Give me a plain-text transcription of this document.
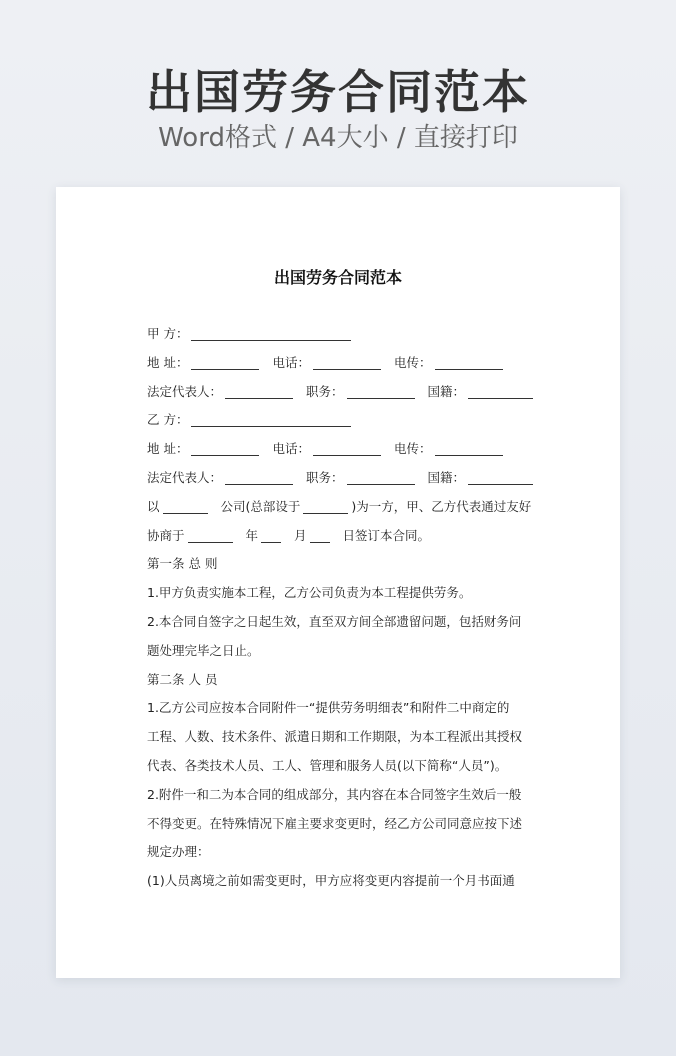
出国劳务合同范本
Word格式 / A4大小 / 直接打印
出国劳务合同范本
甲 方：
地 址：	电话：	电传：
法定代表人：	职务：	国籍：
乙 方：
地 址：	电话：	电传：
法定代表人：	职务：	国籍：
以	公司(总部设于	)为一方，甲、乙方代表通过友好
协商于	年	月	日签订本合同。
第一条 总 则
1.甲方负责实施本工程，乙方公司负责为本工程提供劳务。
2.本合同自签字之日起生效，直至双方间全部遗留问题，包括财务问
题处理完毕之日止。
第二条 人 员
1.乙方公司应按本合同附件一“提供劳务明细表”和附件二中商定的
工程、人数、技术条件、派遣日期和工作期限，为本工程派出其授权
代表、各类技术人员、工人、管理和服务人员(以下简称“人员”)。
2.附件一和二为本合同的组成部分，其内容在本合同签字生效后一般
不得变更。在特殊情况下雇主要求变更时，经乙方公司同意应按下述
规定办理：
(1)人员离境之前如需变更时，甲方应将变更内容提前一个月书面通
